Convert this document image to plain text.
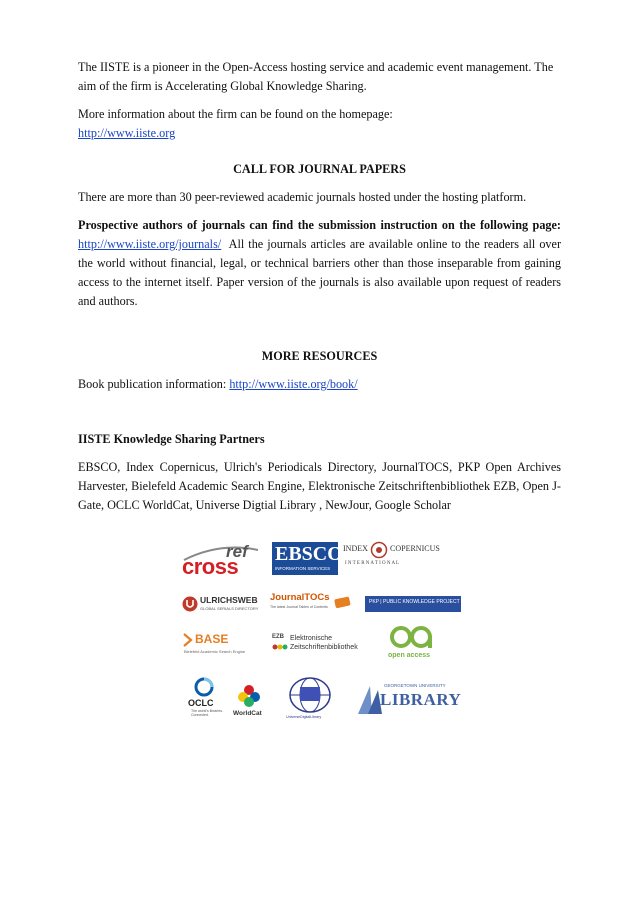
The IISTE is a pioneer in the Open-Access hosting service and academic event management. The aim of the firm is Accelerating Global Knowledge Sharing.

More information about the firm can be found on the homepage:

http://www.iiste.org

CALL FOR JOURNAL PAPERS

There are more than 30 peer-reviewed academic journals hosted under the hosting platform.

Prospective authors of journals can find the submission instruction on the following page: http://www.iiste.org/journals/ All the journals articles are available online to the readers all over the world without financial, legal, or technical barriers other than those inseparable from gaining access to the internet itself. Paper version of the journals is also available upon request of readers and authors.

MORE RESOURCES

Book publication information: http://www.iiste.org/book/

IISTE Knowledge Sharing Partners

EBSCO, Index Copernicus, Ulrich's Periodicals Directory, JournalTOCS, PKP Open Archives Harvester, Bielefeld Academic Search Engine, Elektronische Zeitschriftenbibliothek EZB, Open J-Gate, OCLC WorldCat, Universe Digtial Library , NewJour, Google Scholar

ref
cross EBSCO
INFORMATION SERVICES
INDEX	COPERNICUS
I N T E R N A T I O N A L
ULRICHSWEB
GLOBAL SERIALS DIRECTORY
JournalTOCs
The latest Journal Tables of Contents
PKP | PUBLIC KNOWLEDGE PROJECT
BASE
Bielefeld Academic Search Engine
EZB Elektronische
Zeitschriftenbibliothek
open access
OCLC
The world's libraries. Connected.	WorldCat	UniverseDigitalLibrary
GEORGETOWN UNIVERSITY
LIBRARY
